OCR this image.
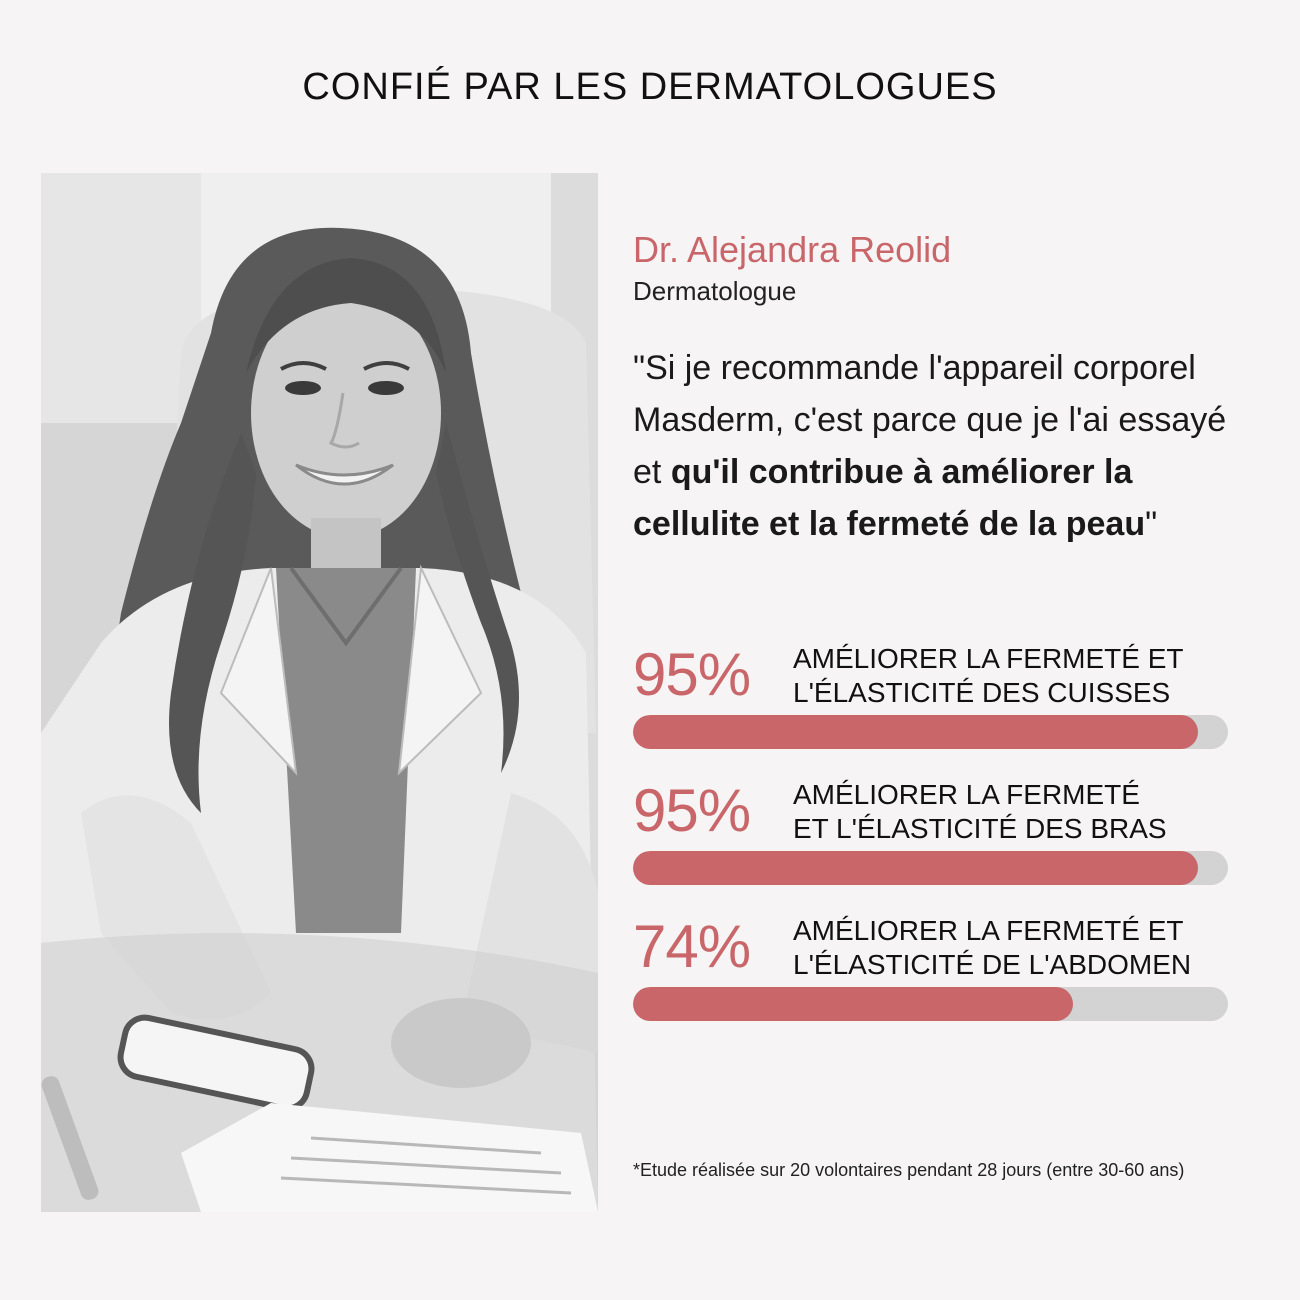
CONFIÉ PAR LES DERMATOLOGUES
Dr. Alejandra Reolid
Dermatologue
"Si je recommande l'appareil corporel Masderm, c'est parce que je l'ai essayé et qu'il contribue à améliorer la cellulite et la fermeté de la peau"
95% AMÉLIORER LA FERMETÉ ET
L'ÉLASTICITÉ DES CUISSES
95% AMÉLIORER LA FERMETÉ
ET L'ÉLASTICITÉ DES BRAS
74% AMÉLIORER LA FERMETÉ ET
L'ÉLASTICITÉ DE L'ABDOMEN
*Etude réalisée sur 20 volontaires pendant 28 jours (entre 30-60 ans)
